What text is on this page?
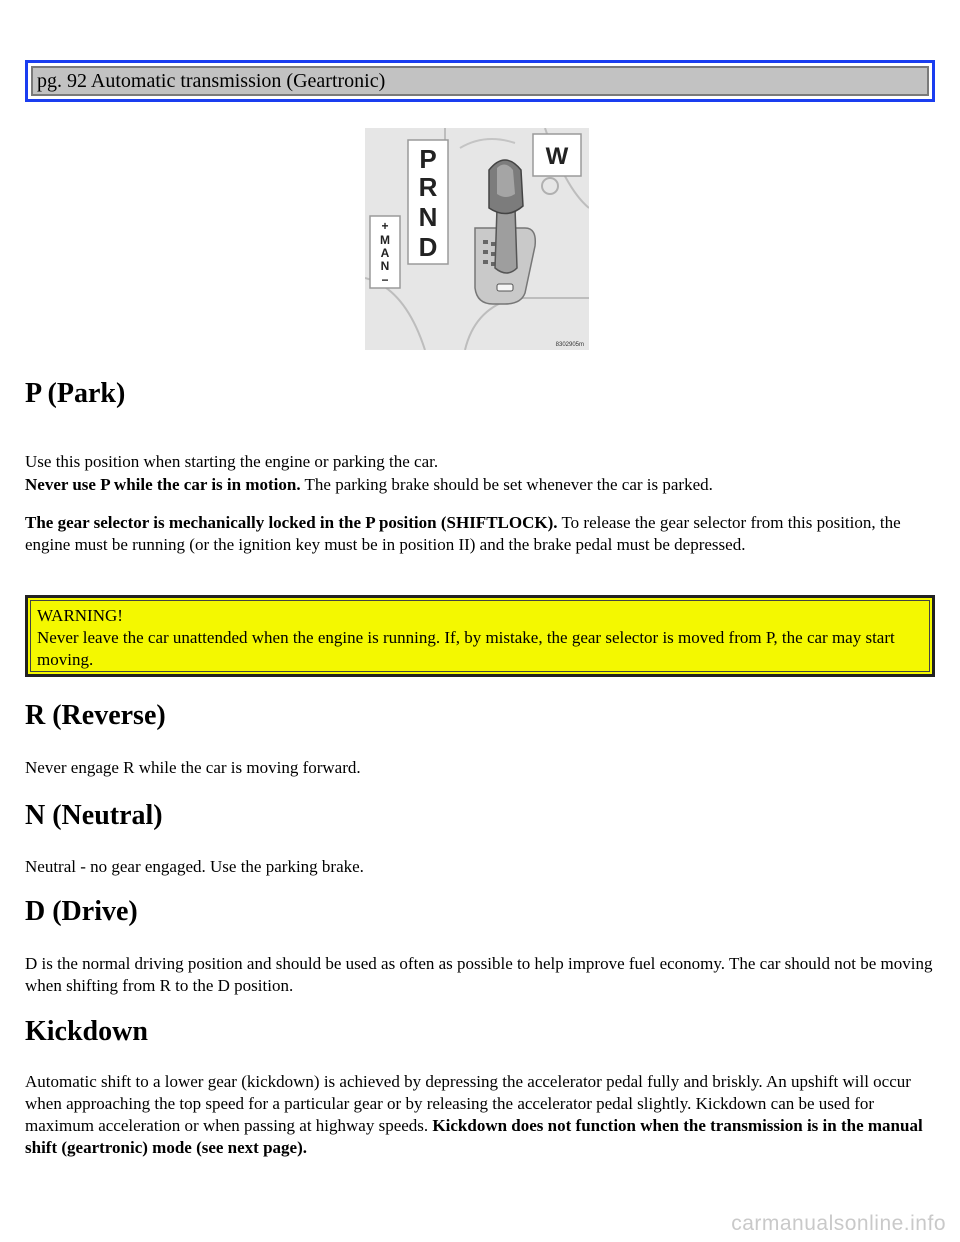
pg. 92 Automatic transmission (Geartronic)
P
R
N
D
+
M
A
N
−
W
8302905m
P (Park)

Use this position when starting the engine or parking the car.

Never use P while the car is in motion. The parking brake should be set whenever the car is parked.

The gear selector is mechanically locked in the P position (SHIFTLOCK). To release the gear selector from this position, the engine must be running (or the ignition key must be in position II) and the brake pedal must be depressed.

WARNING!
Never leave the car unattended when the engine is running. If, by mistake, the gear selector is moved from P, the car may start moving.
R (Reverse)

Never engage R while the car is moving forward.

N (Neutral)

Neutral - no gear engaged. Use the parking brake.

D (Drive)

D is the normal driving position and should be used as often as possible to help improve fuel economy. The car should not be moving when shifting from R to the D position.

Kickdown

Automatic shift to a lower gear (kickdown) is achieved by depressing the accelerator pedal fully and briskly. An upshift will occur when approaching the top speed for a particular gear or by releasing the accelerator pedal slightly. Kickdown can be used for maximum acceleration or when passing at highway speeds. Kickdown does not function when the transmission is in the manual shift (geartronic) mode (see next page).

carmanualsonline.info
